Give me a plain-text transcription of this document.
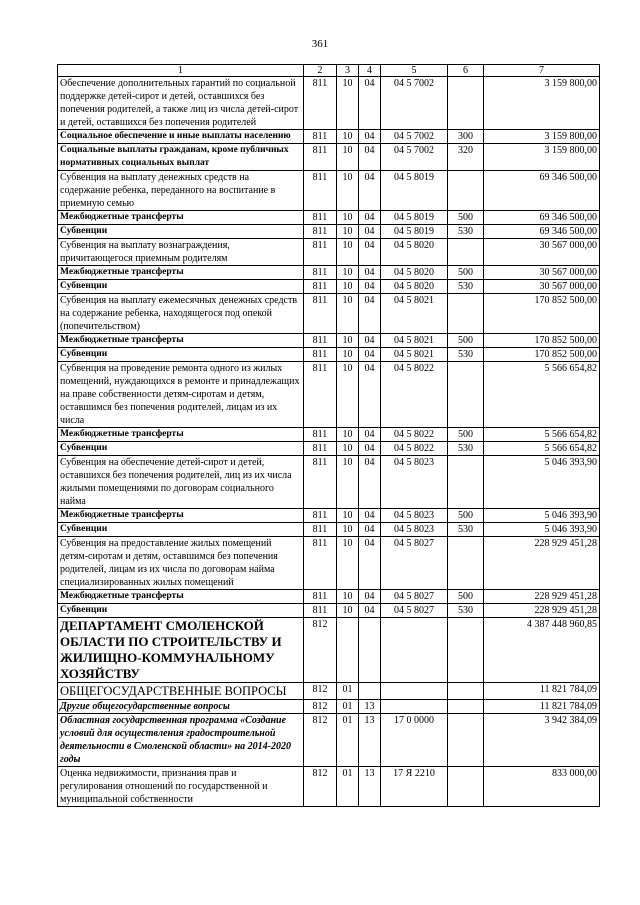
361
1	2	3	4	5	6	7
Обеспечение дополнительных гарантий по социальной поддержке детей-сирот и детей, оставшихся без попечения родителей, а также лиц из числа детей-сирот и детей, оставшихся без попечения родителей	811	10	04	04 5 7002		3 159 800,00
Социальное обеспечение и иные выплаты населению	811	10	04	04 5 7002	300	3 159 800,00
Социальные выплаты гражданам, кроме публичных нормативных социальных выплат	811	10	04	04 5 7002	320	3 159 800,00
Субвенция на выплату денежных средств на содержание ребенка, переданного на воспитание в приемную семью	811	10	04	04 5 8019		69 346 500,00
Межбюджетные трансферты	811	10	04	04 5 8019	500	69 346 500,00
Субвенции	811	10	04	04 5 8019	530	69 346 500,00
Субвенция на выплату вознаграждения, причитающегося приемным родителям	811	10	04	04 5 8020		30 567 000,00
Межбюджетные трансферты	811	10	04	04 5 8020	500	30 567 000,00
Субвенции	811	10	04	04 5 8020	530	30 567 000,00
Субвенция на выплату ежемесячных денежных средств на содержание ребенка, находящегося под опекой (попечительством)	811	10	04	04 5 8021		170 852 500,00
Межбюджетные трансферты	811	10	04	04 5 8021	500	170 852 500,00
Субвенции	811	10	04	04 5 8021	530	170 852 500,00
Субвенция на проведение ремонта одного из жилых помещений, нуждающихся в ремонте и принадлежащих на праве собственности детям-сиротам и детям, оставшимся без попечения родителей, лицам из их числа	811	10	04	04 5 8022		5 566 654,82
Межбюджетные трансферты	811	10	04	04 5 8022	500	5 566 654,82
Субвенции	811	10	04	04 5 8022	530	5 566 654,82
Субвенция на обеспечение детей-сирот и детей, оставшихся без попечения родителей, лиц из их числа жилыми помещениями по договорам социального найма	811	10	04	04 5 8023		5 046 393,90
Межбюджетные трансферты	811	10	04	04 5 8023	500	5 046 393,90
Субвенции	811	10	04	04 5 8023	530	5 046 393,90
Субвенция на предоставление жилых помещений детям-сиротам и детям, оставшимся без попечения родителей, лицам из их числа по договорам найма специализированных жилых помещений	811	10	04	04 5 8027		228 929 451,28
Межбюджетные трансферты	811	10	04	04 5 8027	500	228 929 451,28
Субвенции	811	10	04	04 5 8027	530	228 929 451,28
ДЕПАРТАМЕНТ СМОЛЕНСКОЙ ОБЛАСТИ ПО СТРОИТЕЛЬСТВУ И ЖИЛИЩНО-КОММУНАЛЬНОМУ ХОЗЯЙСТВУ	812					4 387 448 960,85
ОБЩЕГОСУДАРСТВЕННЫЕ ВОПРОСЫ	812	01				11 821 784,09
Другие общегосударственные вопросы	812	01	13			11 821 784,09
Областная государственная программа «Создание условий для осуществления градостроительной деятельности в Смоленской области» на 2014-2020 годы	812	01	13	17 0 0000		3 942 384,09
Оценка недвижимости, признания прав и регулирования отношений по государственной и муниципальной собственности	812	01	13	17 Я 2210		833 000,00
